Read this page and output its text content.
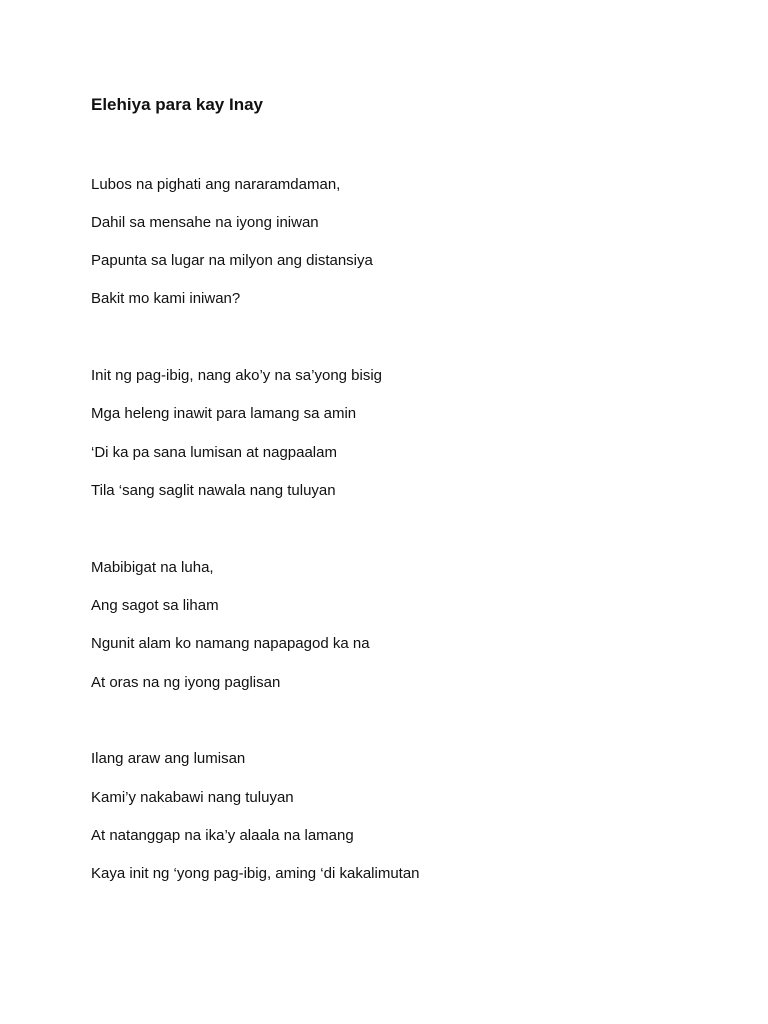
Elehiya para kay Inay

Lubos na pighati ang nararamdaman,

Dahil sa mensahe na iyong iniwan

Papunta sa lugar na milyon ang distansiya

Bakit mo kami iniwan?

Init ng pag-ibig, nang ako’y na sa’yong bisig

Mga heleng inawit para lamang sa amin

‘Di ka pa sana lumisan at nagpaalam

Tila ‘sang saglit nawala nang tuluyan

Mabibigat na luha,

Ang sagot sa liham

Ngunit alam ko namang napapagod ka na

At oras na ng iyong paglisan

Ilang araw ang lumisan

Kami’y nakabawi nang tuluyan

At natanggap na ika’y alaala na lamang

Kaya init ng ‘yong pag-ibig, aming ‘di kakalimutan
